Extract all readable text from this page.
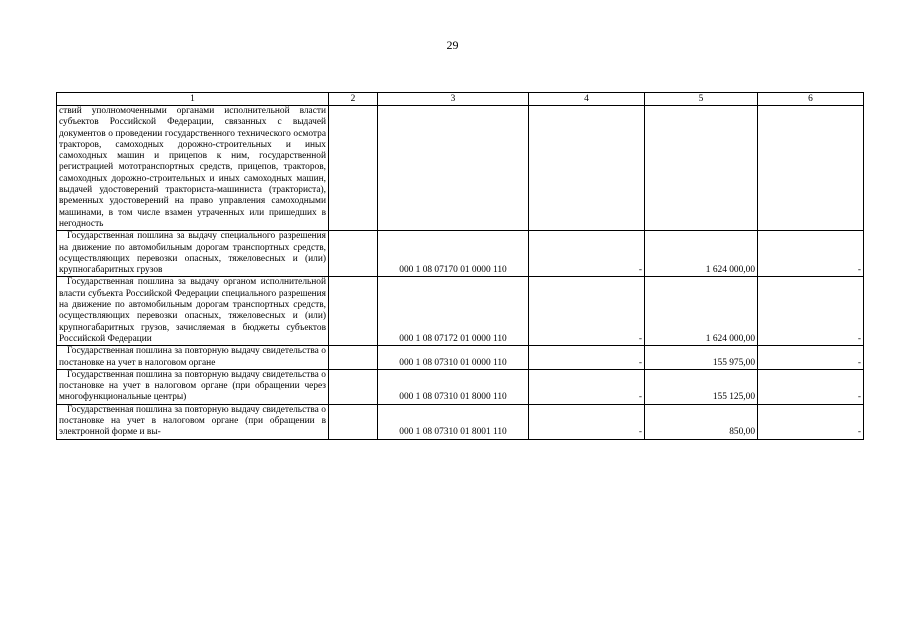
29
1	2	3	4	5	6
ствий уполномоченными органами исполнительной власти субъектов Российской Федерации, связанных с выдачей документов о проведении государственного технического осмотра тракторов, самоходных дорожно-строительных и иных самоходных машин и прицепов к ним, государственной регистрацией мототранспортных средств, прицепов, тракторов, самоходных дорожно-строительных и иных самоходных машин, выдачей удостоверений тракториста-машиниста (тракториста), временных удостоверений на право управления самоходными машинами, в том числе взамен утраченных или пришедших в негодность					
Государственная пошлина за выдачу специального разрешения на движение по автомобильным дорогам транспортных средств, осуществляющих перевозки опасных, тяжеловесных и (или) крупногабаритных грузов		000 1 08 07170 01 0000 110	-	1 624 000,00	-
Государственная пошлина за выдачу органом исполнительной власти субъекта Российской Федерации специального разрешения на движение по автомобильным дорогам транспортных средств, осуществляющих перевозки опасных, тяжеловесных и (или) крупногабаритных грузов, зачисляемая в бюджеты субъектов Российской Федерации		000 1 08 07172 01 0000 110	-	1 624 000,00	-
Государственная пошлина за повторную выдачу свидетельства о постановке на учет в налоговом органе		000 1 08 07310 01 0000 110	-	155 975,00	-
Государственная пошлина за повторную выдачу свидетельства о постановке на учет в налоговом органе (при обращении через многофункциональные центры)		000 1 08 07310 01 8000 110	-	155 125,00	-
Государственная пошлина за повторную выдачу свидетельства о постановке на учет в налоговом органе (при обращении в электронной форме и вы-		000 1 08 07310 01 8001 110	-	850,00	-
